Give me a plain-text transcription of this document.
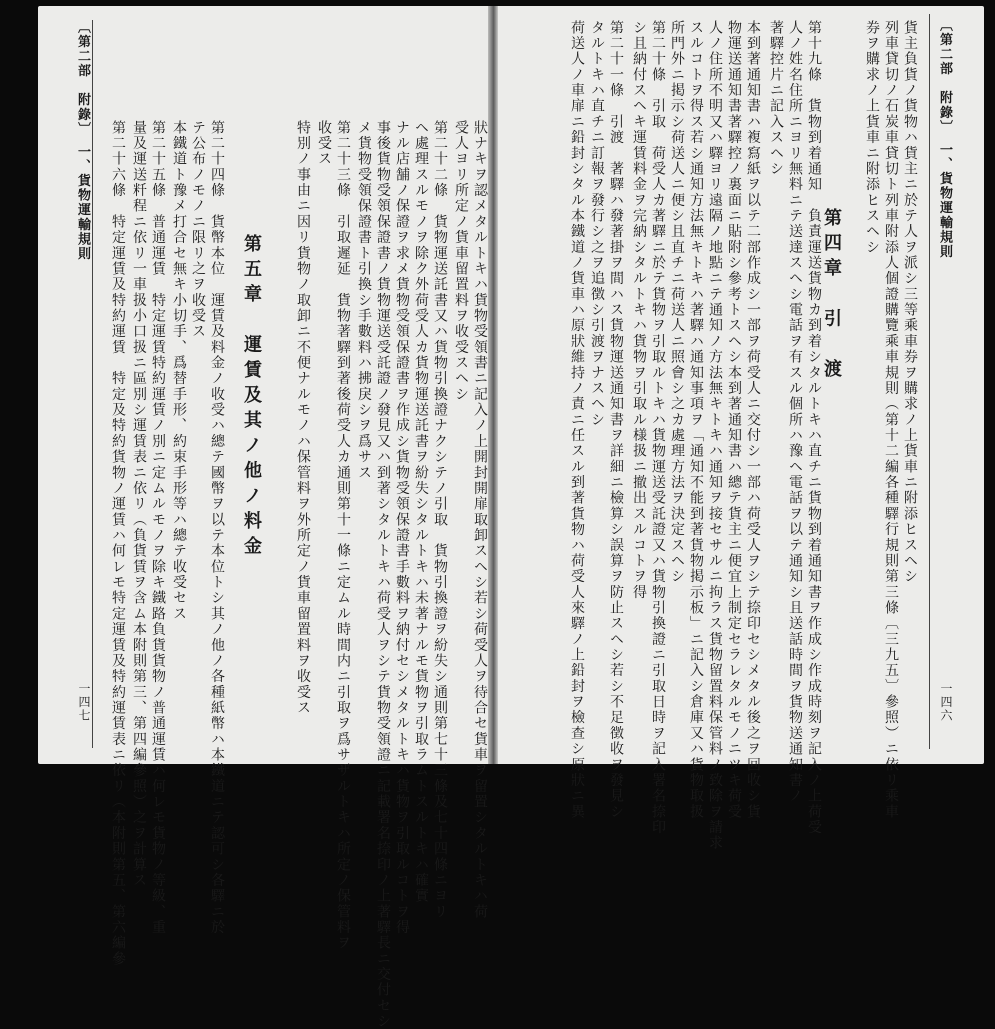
〔第二部　附錄〕　一、貨物運輸規則
一四六
貨主負貨ノ貨物ハ貨主ニ於テ人ヲ派シ三等乘車券ヲ購求ノ上貨車ニ附添ヒスヘシ
列車貸切ノ石炭車貸切ト列車附添人個證購覽乘車規則（第十二編各種驛行規則第三條〔三九五〕參照）ニ依リ乘車
券ヲ購求ノ上貨車ニ附添ヒスヘシ
第四章　引　渡
第十九條　貨物到着通知　負責運送貨物カ到着シタルトキハ直チニ貨物到着通知書ヲ作成シ作成時刻ヲ記入ノ上荷受
人ノ姓名住所ニヨリ無料ニテ送達スヘシ電話ヲ有スル個所ハ豫ヘ電話ヲ以テ通知シ且送話時間ヲ貨物送通知書ノ
著驛控片ニ記入スヘシ
本到著通知書ハ複寫紙ヲ以テ二部作成シ一部ヲ荷受人ニ交付シ一部ハ荷受人ヲシテ捺印セシメタル後之ヲ回收シ貨
物運送通知書著驛控ノ裏面ニ貼附シ參考トスヘシ本到著通知書ハ總テ貨主ニ便宜上制定セラレタルモノニツキ荷受
人ノ住所不明又ハ驛ヨリ遠隔ノ地點ニテ通知ノ方法無キトキハ通知ヲ接セサルニ拘ラス貨物留置料保管料ノ致除ヲ請求
スルコトヲ得ス若シ通知方法無キトキハ著驛ハ通知事項ヲ「通知不能到著貨物掲示板」ニ記入シ倉庫又ハ貨物取扱
所門外ニ掲示シ荷送人ニ便シ且直チニ荷送人ニ照會シ之カ處理方法ヲ決定スヘシ
第二十條　引取　荷受人カ著驛ニ於テ貨物ヲ引取ルトキハ貨物運送受託證又ハ貨物引換證ニ引取日時ヲ記入署名捺印
シ且納付スヘキ運賃料金ヲ完納シタルトキハ貨物ヲ引取ル様扱ニ撤出スルコトヲ得
第二十一條　引渡　著驛ハ發著掛ヲ間ハス貨物運送通知書ヲ詳細ニ檢算シ誤算ヲ防止スヘシ若シ不足徴收ヲ發見シ
タルトキハ直チニ訂報ヲ發行シ之ヲ追徴シ引渡ヲナスヘシ
荷送人ノ車扉ニ鉛封シタル本鐵道ノ貨車ハ原狀維持ノ責ニ任スル到著貨物ハ荷受人來驛ノ上鉛封ヲ檢查シ原狀ニ異
〔第二部　附錄〕　一、貨物運輸規則
一四七	狀ナキヲ認メタルトキハ貨物受領書ニ記入ノ上開封開扉取卸スヘシ若シ荷受人ヲ待合セ貨車ヲ留置シタルトキハ荷
受人ヨリ所定ノ貨車留置料ヲ收受スヘシ
第二十二條　貨物運送託書又ハ貨物引換證ナクシテノ引取　貨物引換證ヲ紛失シ通則第七十三條及七十四條ニヨリ
ヘ處理スルモノヲ除ク外荷受人カ貨物運送託書ヲ紛失シタルトキハ未著ナルモ貨物ヲ引取ラムトスルトキハ確實
ナル店舗ノ保證ヲ求メ貨物受領保證書ヲ作成シ貨物受領保證書手數料ヲ納付セシメタルトキハ貨物ヲ引取ルコトヲ得
事後貨物受領保證書ノ貨物運送受託證ノ發見又ハ到著シタルトキハ荷受人ヲシテ貨物受領證ニ記載署名捺印ノ上著驛長ニ交付セシ
メ貨物受領保證書ト引換シ手數料ハ拂戾シヲ爲サス
第二十三條　引取遲延　貨物著驛到著後荷受人カ通則第十一條ニ定ムル時間内ニ引取ヲ爲サザルトキハ所定ノ保管料ヲ
收受ス
特別ノ事由ニ因リ貨物ノ取卸ニ不便ナルモノハ保管料ヲ外所定ノ貨車留置料ヲ收受ス
第五章　運賃及其ノ他ノ料金
第二十四條　貨幣本位　運賃及料金ノ收受ハ總テ國幣ヲ以テ本位トシ其ノ他ノ各種紙幣ハ本鐵道ニテ認可シ各驛ニ於
テ公布ノモノニ限リ之ヲ收受ス
本鐵道ト豫メ打合セ無キ小切手、爲替手形、約束手形等ハ總テ收受セス
第二十五條　普通運賃　特定運賃特約運賃ノ別ニ定ムルモノヲ除キ鐵路負貨貨物ノ普通運賃ハ何レモ貨物ノ等級、重
量及運送粁程ニ依リ一車扱小口扱ニ區別シ運賃表ニ依リ（負貨賃ヲ含ム本附則第三、第四編參照）之ヲ計算ス
第二十六條　特定運賃及特約運賃　特定及特約貨物ノ運賃ハ何レモ特定運賃及特約運賃表ニ依リ（本附則第五、第六編參
